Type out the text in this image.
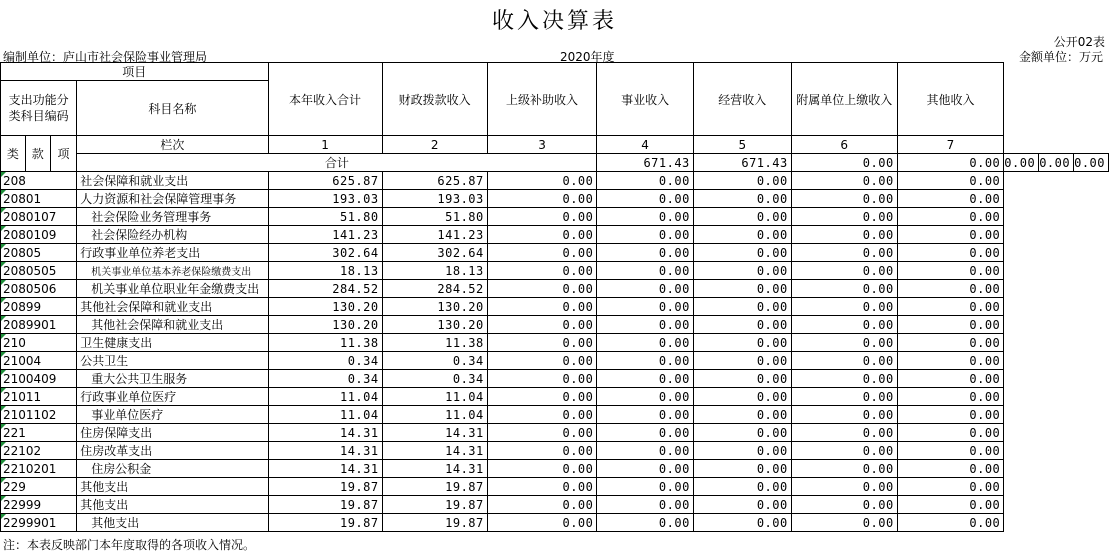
收入决算表
公开02表
编制单位：庐山市社会保险事业管理局	2020年度	金额单位：万元
项目				本年收入合计	财政拨款收入	上级补助收入	事业收入	经营收入	附属单位上缴收入	其他收入			
支出功能分类科目编码			科目名称										

类	款	项	栏次	1	2	3	4	5	6	7			
			合计				671.43	671.43	0.00	0.00	0.00	0.00	0.00
208			社会保障和就业支出	625.87	625.87	0.00	0.00	0.00	0.00	0.00			
20801			人力资源和社会保障管理事务	193.03	193.03	0.00	0.00	0.00	0.00	0.00			
2080107			社会保险业务管理事务	51.80	51.80	0.00	0.00	0.00	0.00	0.00			
2080109			社会保险经办机构	141.23	141.23	0.00	0.00	0.00	0.00	0.00			
20805			行政事业单位养老支出	302.64	302.64	0.00	0.00	0.00	0.00	0.00			
2080505			机关事业单位基本养老保险缴费支出	18.13	18.13	0.00	0.00	0.00	0.00	0.00			
2080506			机关事业单位职业年金缴费支出	284.52	284.52	0.00	0.00	0.00	0.00	0.00			
20899			其他社会保障和就业支出	130.20	130.20	0.00	0.00	0.00	0.00	0.00			
2089901			其他社会保障和就业支出	130.20	130.20	0.00	0.00	0.00	0.00	0.00			
210			卫生健康支出	11.38	11.38	0.00	0.00	0.00	0.00	0.00			
21004			公共卫生	0.34	0.34	0.00	0.00	0.00	0.00	0.00			
2100409			重大公共卫生服务	0.34	0.34	0.00	0.00	0.00	0.00	0.00			
21011			行政事业单位医疗	11.04	11.04	0.00	0.00	0.00	0.00	0.00			
2101102			事业单位医疗	11.04	11.04	0.00	0.00	0.00	0.00	0.00			
221			住房保障支出	14.31	14.31	0.00	0.00	0.00	0.00	0.00			
22102			住房改革支出	14.31	14.31	0.00	0.00	0.00	0.00	0.00			
2210201			住房公积金	14.31	14.31	0.00	0.00	0.00	0.00	0.00			
229			其他支出	19.87	19.87	0.00	0.00	0.00	0.00	0.00			
22999			其他支出	19.87	19.87	0.00	0.00	0.00	0.00	0.00			
2299901			其他支出	19.87	19.87	0.00	0.00	0.00	0.00	0.00			
注：本表反映部门本年度取得的各项收入情况。
